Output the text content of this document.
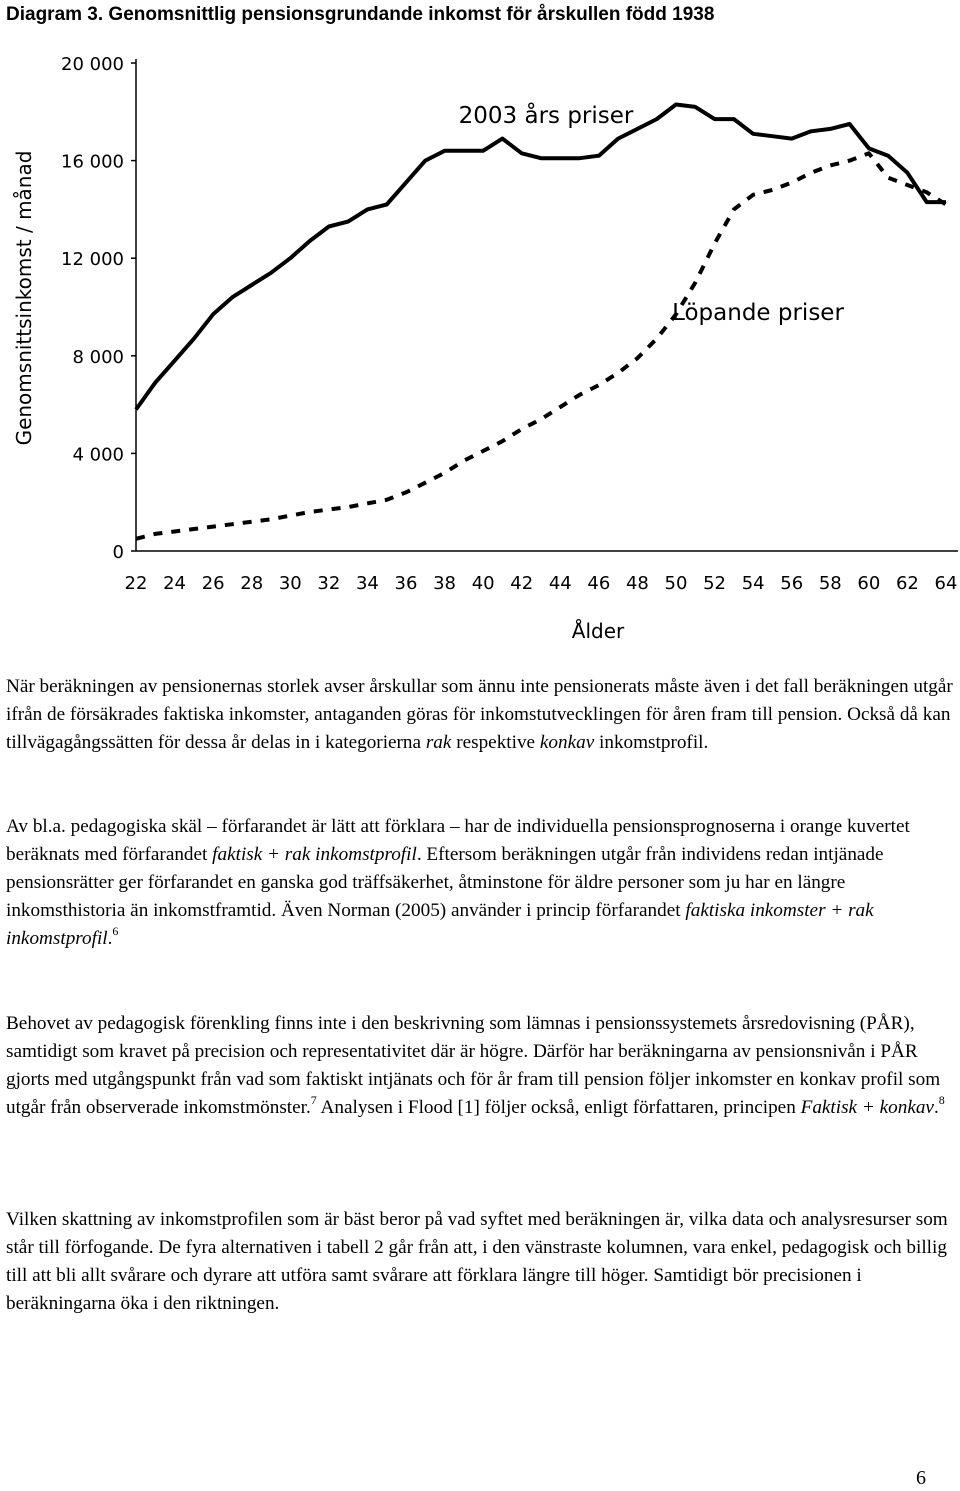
Diagram 3. Genomsnittlig pensionsgrundande inkomst för årskullen född 1938
0
4 000
8 000
12 000
16 000
20 000
22 24 26 28 30 32 34 36 38 40 42 44 46 48 50 52 54 56 58 60 62 64
Ålder
Genomsnittsinkomst / månad
2003 års priser
Löpande priser

När beräkningen av pensionernas storlek avser årskullar som ännu inte pensionerats måste även i det fall beräkningen utgår ifrån de försäkrades faktiska inkomster, antaganden göras för inkomstutvecklingen för åren fram till pension. Också då kan tillvägagångssätten för dessa år delas in i kategorierna rak respektive konkav inkomstprofil.

Av bl.a. pedagogiska skäl – förfarandet är lätt att förklara – har de individuella pensionsprognoserna i orange kuvertet beräknats med förfarandet faktisk + rak inkomstprofil. Eftersom beräkningen utgår från individens redan intjänade pensionsrätter ger förfarandet en ganska god träffsäkerhet, åtminstone för äldre personer som ju har en längre inkomsthistoria än inkomstframtid. Även Norman (2005) använder i princip förfarandet faktiska inkomster + rak inkomstprofil.$^6$

Behovet av pedagogisk förenkling finns inte i den beskrivning som lämnas i pensionssystemets årsredovisning (PÅR), samtidigt som kravet på precision och representativitet där är högre. Därför har beräkningarna av pensionsnivån i PÅR gjorts med utgångspunkt från vad som faktiskt intjänats och för år fram till pension följer inkomster en konkav profil som utgår från observerade inkomstmönster.$^7$ Analysen i Flood [1] följer också, enligt författaren, principen Faktisk + konkav.$^8$

Vilken skattning av inkomstprofilen som är bäst beror på vad syftet med beräkningen är, vilka data och analysresurser som står till förfogande. De fyra alternativen i tabell 2 går från att, i den vänstraste kolumnen, vara enkel, pedagogisk och billig till att bli allt svårare och dyrare att utföra samt svårare att förklara längre till höger. Samtidigt bör precisionen i beräkningarna öka i den riktningen.

6
